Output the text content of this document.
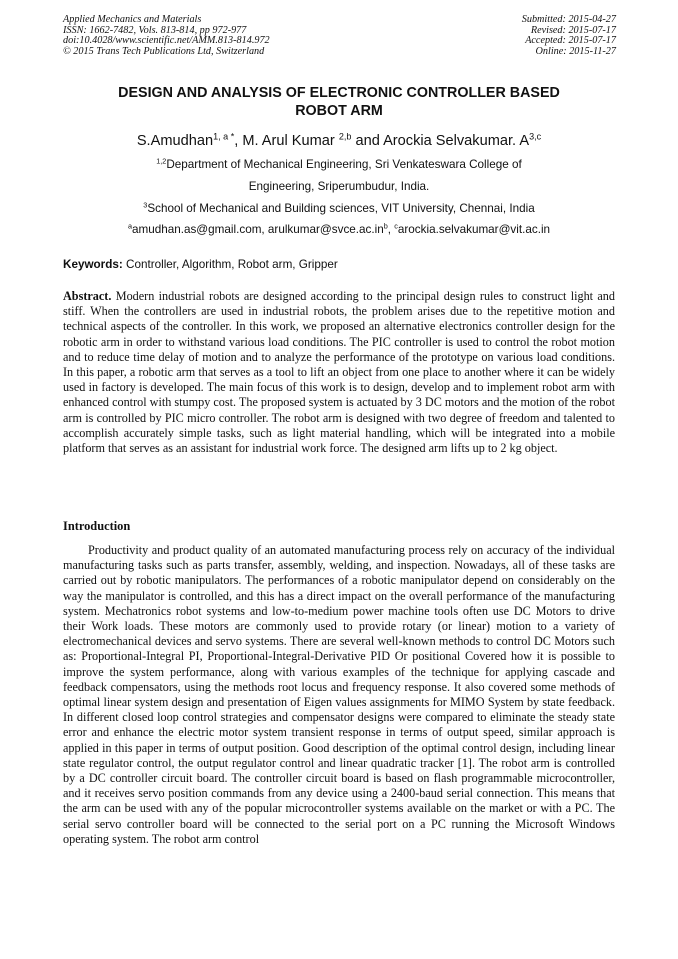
Applied Mechanics and Materials
ISSN: 1662-7482, Vols. 813-814, pp 972-977
doi:10.4028/www.scientific.net/AMM.813-814.972
© 2015 Trans Tech Publications Ltd, Switzerland
Submitted: 2015-04-27
Revised: 2015-07-17
Accepted: 2015-07-17
Online: 2015-11-27
DESIGN AND ANALYSIS OF ELECTRONIC CONTROLLER BASED
ROBOT ARM
S.Amudhan$^{1, a *}$, M. Arul Kumar $^{2,b}$ and Arockia Selvakumar. A$^{3,c}$
$^{1,2}$Department of Mechanical Engineering, Sri Venkateswara College of
Engineering, Sriperumbudur, India.
$^3$School of Mechanical and Building sciences, VIT University, Chennai, India
$^a$amudhan.as@gmail.com, $arulkumar@svce.ac.in^b$, $^c$arockia.selvakumar@vit.ac.in
Keywords: Controller, Algorithm, Robot arm, Gripper
Abstract. Modern industrial robots are designed according to the principal design rules to construct light and stiff. When the controllers are used in industrial robots, the problem arises due to the repetitive motion and technical aspects of the controller. In this work, we proposed an alternative electronics controller design for the robotic arm in order to withstand various load conditions. The PIC controller is used to control the robot motion and to reduce time delay of motion and to analyze the performance of the prototype on various load conditions. In this paper, a robotic arm that serves as a tool to lift an object from one place to another where it can be widely used in factory is developed. The main focus of this work is to design, develop and to implement robot arm with enhanced control with stumpy cost. The proposed system is actuated by 3 DC motors and the motion of the robot arm is controlled by PIC micro controller. The robot arm is designed with two degree of freedom and talented to accomplish accurately simple tasks, such as light material handling, which will be integrated into a mobile platform that serves as an assistant for industrial work force. The designed arm lifts up to 2 kg object.
Introduction
Productivity and product quality of an automated manufacturing process rely on accuracy of the individual manufacturing tasks such as parts transfer, assembly, welding, and inspection. Nowadays, all of these tasks are carried out by robotic manipulators. The performances of a robotic manipulator depend on considerably on the way the manipulator is controlled, and this has a direct impact on the overall performance of the manufacturing system. Mechatronics robot systems and low-to-medium power machine tools often use DC Motors to drive their Work loads. These motors are commonly used to provide rotary (or linear) motion to a variety of electromechanical devices and servo systems. There are several well-known methods to control DC Motors such as: Proportional-Integral PI, Proportional-Integral-Derivative PID Or positional Covered how it is possible to improve the system performance, along with various examples of the technique for applying cascade and feedback compensators, using the methods root locus and frequency response. It also covered some methods of optimal linear system design and presentation of Eigen values assignments for MIMO System by state feedback. In different closed loop control strategies and compensator designs were compared to eliminate the steady state error and enhance the electric motor system transient response in terms of output speed, similar approach is applied in this paper in terms of output position. Good description of the optimal control design, including linear state regulator control, the output regulator control and linear quadratic tracker [1]. The robot arm is controlled by a DC controller circuit board. The controller circuit board is based on flash programmable microcontroller, and it receives servo position commands from any device using a 2400-baud serial connection. This means that the arm can be used with any of the popular microcontroller systems available on the market or with a PC. The serial servo controller board will be connected to the serial port on a PC running the Microsoft Windows operating system. The robot arm control
